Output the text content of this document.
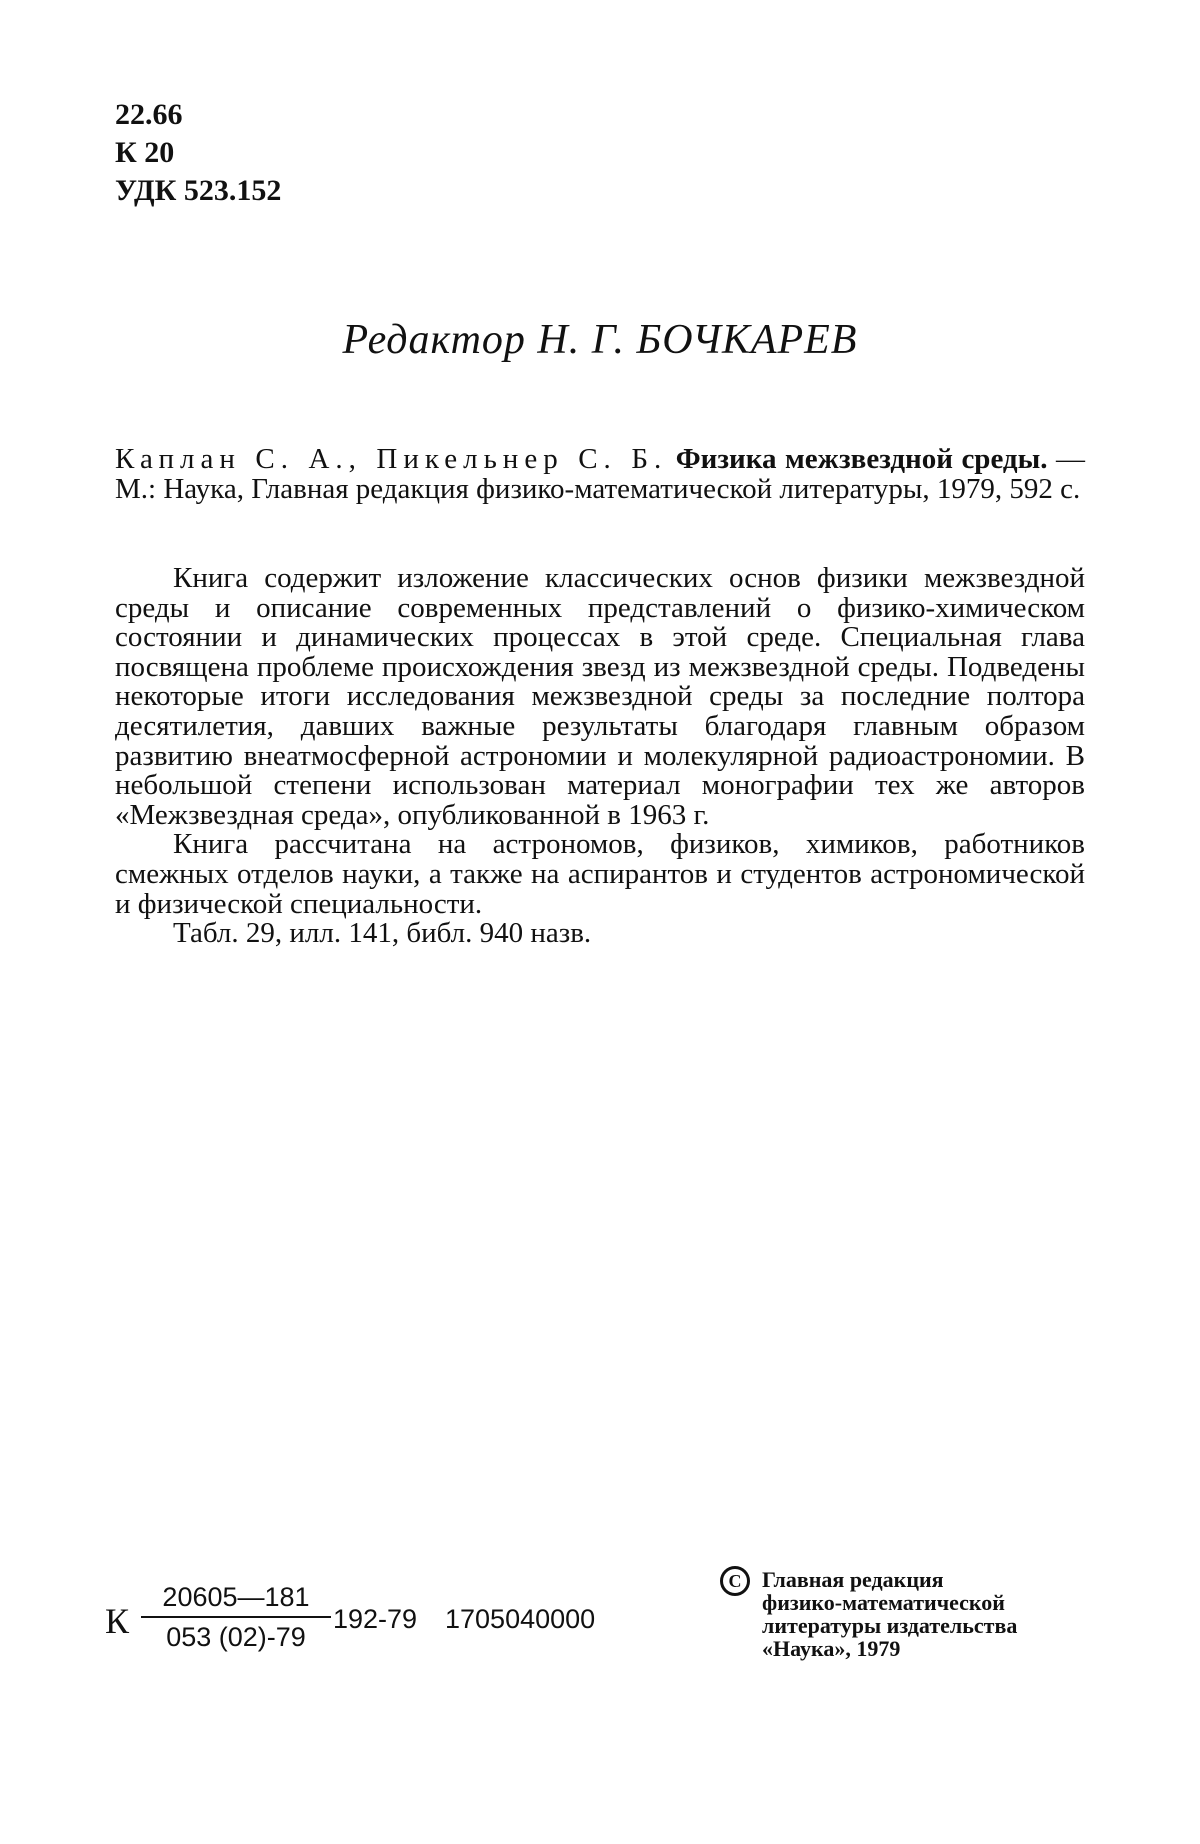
22.66
К 20
УДК 523.152
Редактор Н. Г. БОЧКАРЕВ
Каплан С. А., Пикельнер С. Б. Физика межзвездной среды. — М.: Наука, Главная редакция физико-математической литературы, 1979, 592 с.

Книга содержит изложение классических основ физики межзвездной среды и описание современных представлений о физико-химическом состоянии и динамических процессах в этой среде. Специальная глава посвящена проблеме происхождения звезд из межзвездной среды. Подведены некоторые итоги исследования межзвездной среды за последние полтора десятилетия, давших важные результаты благодаря главным образом развитию внеатмосферной астрономии и молекулярной радиоастрономии. В небольшой степени использован материал монографии тех же авторов «Межзвездная среда», опубликованной в 1963 г.

Книга рассчитана на астрономов, физиков, химиков, работников смежных отделов науки, а также на аспирантов и студентов астрономической и физической специальности.

Табл. 29, илл. 141, библ. 940 назв.

К
20605—181
053 (02)-79
192-79 1705040000
C Главная редакция
физико-математической
литературы издательства
«Наука», 1979
